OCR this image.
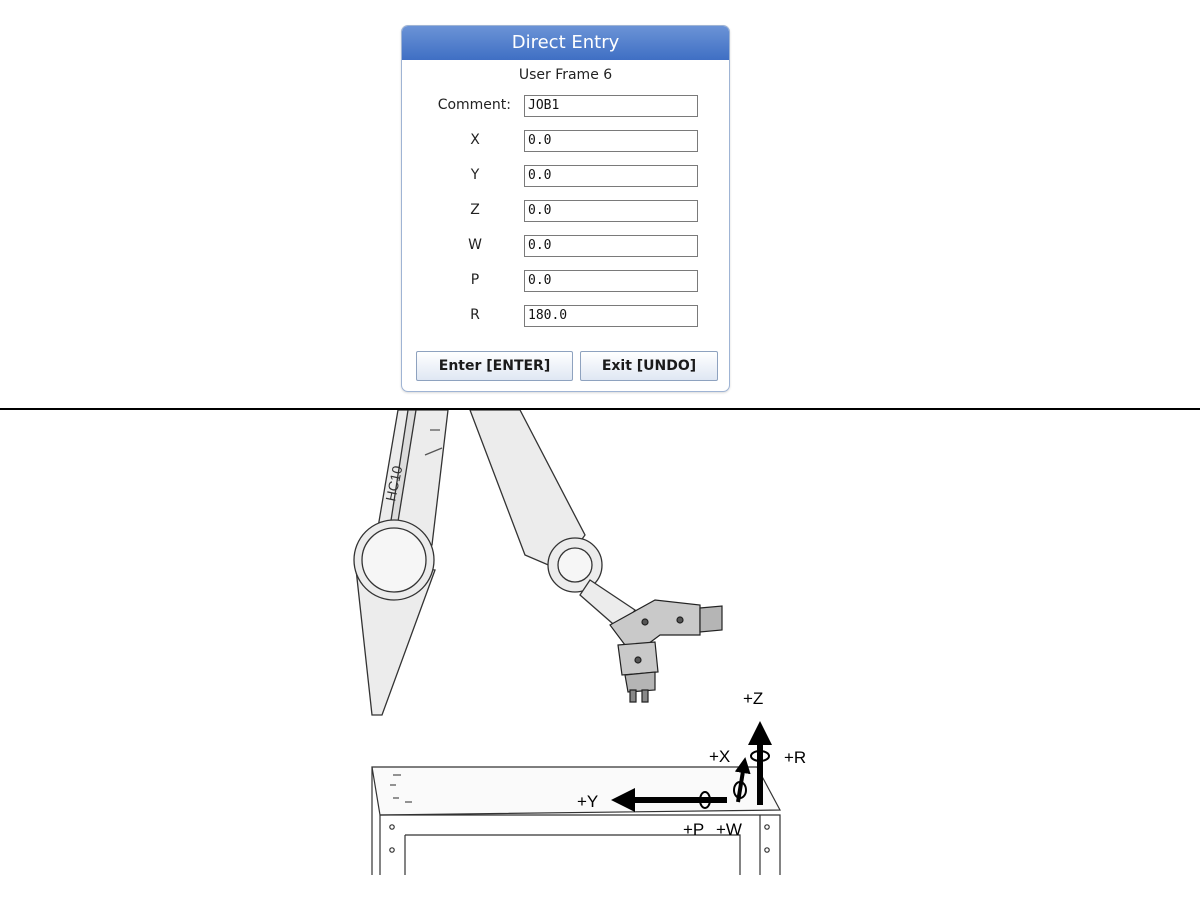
Direct Entry
User Frame 6
Comment:	JOB1
X	0.0
Y	0.0
Z	0.0
W	0.0
P	0.0
R	180.0
Enter [ENTER]	Exit [UNDO]
HC10
+Z
+X	+R
+Y
+P +W
